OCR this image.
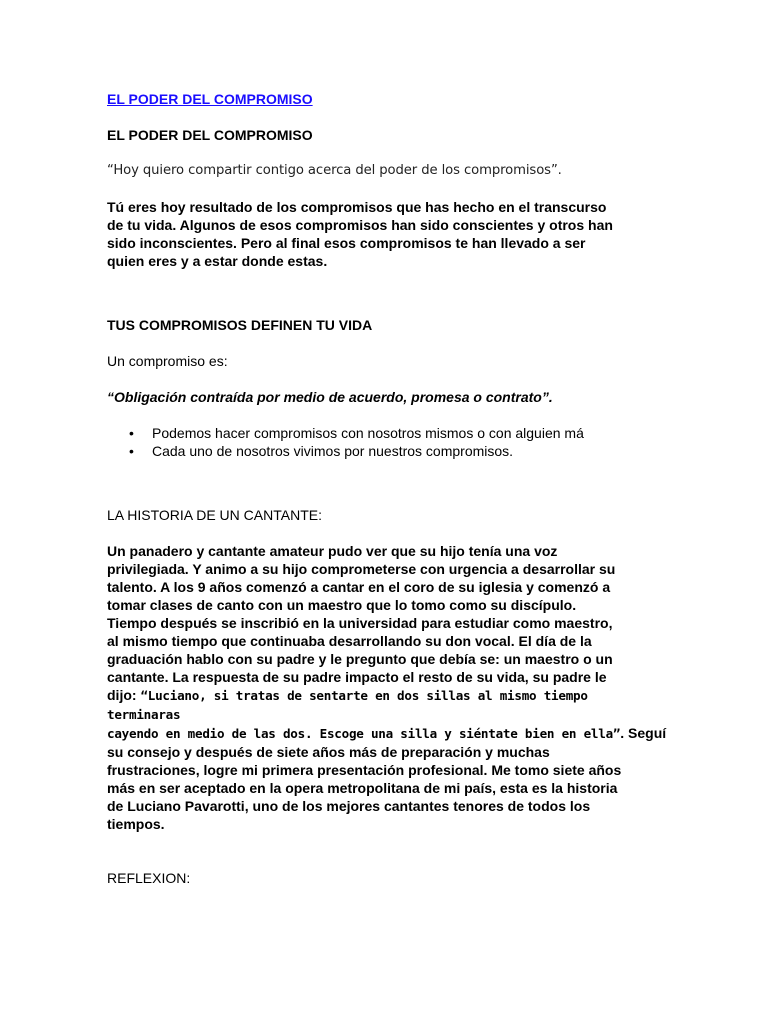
EL PODER DEL COMPROMISO
EL PODER DEL COMPROMISO
“Hoy quiero compartir contigo acerca del poder de los compromisos”.
Tú eres hoy resultado de los compromisos que has hecho en el transcurso
de tu vida. Algunos de esos compromisos han sido conscientes y otros han
sido inconscientes. Pero al final esos compromisos te han llevado a ser
quien eres y a estar donde estas.
TUS COMPROMISOS DEFINEN TU VIDA
Un compromiso es:
“Obligación contraída por medio de acuerdo, promesa o contrato”.
• Podemos hacer compromisos con nosotros mismos o con alguien má
• Cada uno de nosotros vivimos por nuestros compromisos.
LA HISTORIA DE UN CANTANTE:
Un panadero y cantante amateur pudo ver que su hijo tenía una voz
privilegiada. Y animo a su hijo comprometerse con urgencia a desarrollar su
talento. A los 9 años comenzó a cantar en el coro de su iglesia y comenzó a
tomar clases de canto con un maestro que lo tomo como su discípulo.
Tiempo después se inscribió en la universidad para estudiar como maestro,
al mismo tiempo que continuaba desarrollando su don vocal. El día de la
graduación hablo con su padre y le pregunto que debía se: un maestro o un
cantante. La respuesta de su padre impacto el resto de su vida, su padre le
dijo: “Luciano, si tratas de sentarte en dos sillas al mismo tiempo terminaras
cayendo en medio de las dos. Escoge una silla y siéntate bien en ella”. Seguí
su consejo y después de siete años más de preparación y muchas
frustraciones, logre mi primera presentación profesional. Me tomo siete años
más en ser aceptado en la opera metropolitana de mi país, esta es la historia
de Luciano Pavarotti, uno de los mejores cantantes tenores de todos los
tiempos.
REFLEXION:
